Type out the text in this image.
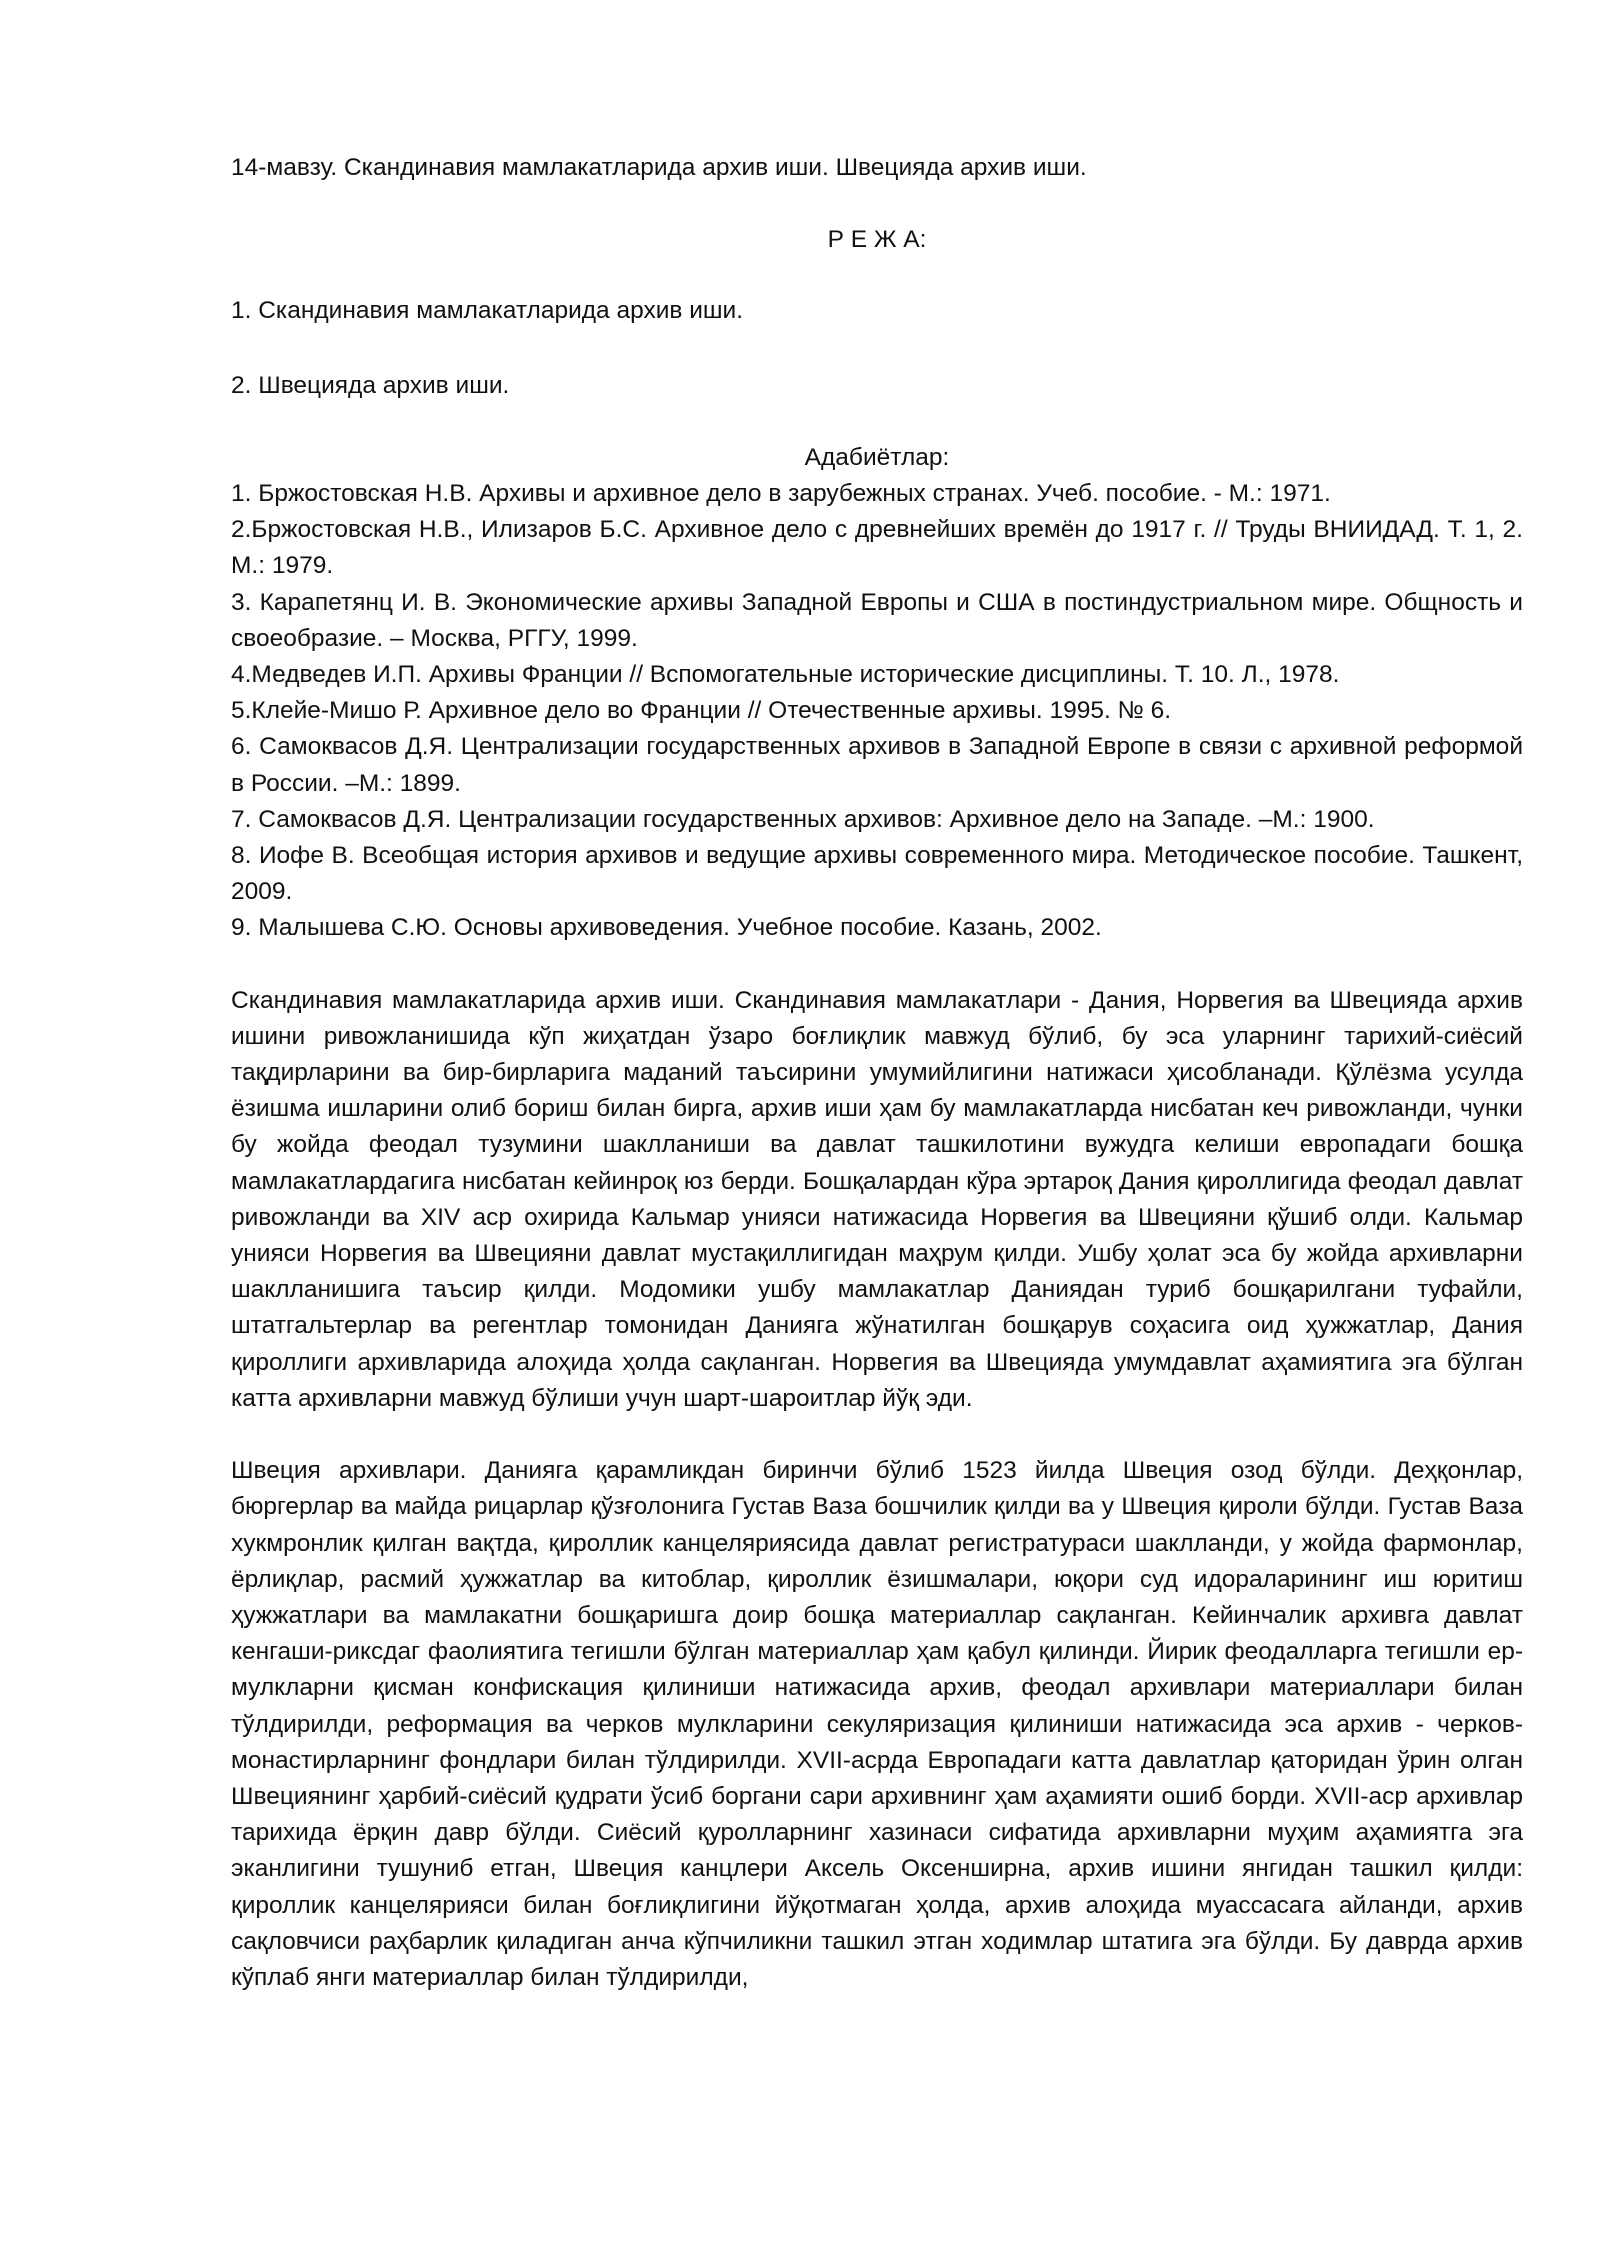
14-мавзу. Скандинавия мамлакатларида архив иши. Швецияда архив иши.

Р Е Ж А:

1. Скандинавия мамлакатларида архив иши.

2. Швецияда архив иши.

Адабиётлар:

1. Бржостовская Н.В. Архивы и архивное дело в зарубежных странах. Учеб. пособие. - М.: 1971.
2.Бржостовская Н.В., Илизаров Б.С. Архивное дело с древнейших времён до 1917 г. // Труды ВНИИДАД. Т. 1, 2. М.: 1979.
3. Карапетянц И. В. Экономические архивы Западной Европы и США в постиндустриальном мире. Общность и своеобразие. – Москва, РГГУ, 1999.
4.Медведев И.П. Архивы Франции // Вспомогательные исторические дисциплины. Т. 10. Л., 1978.
5.Клейе-Мишо Р. Архивное дело во Франции // Отечественные архивы. 1995. № 6.
6. Самоквасов Д.Я. Централизации государственных архивов в Западной Европе в связи с архивной реформой в России. –М.: 1899.
7. Самоквасов Д.Я. Централизации государственных архивов: Архивное дело на Западе. –М.: 1900.
8. Иофе В. Всеобщая история архивов и ведущие архивы современного мира. Методическое пособие. Ташкент, 2009.
9. Малышева С.Ю. Основы архивоведения. Учебное пособие. Казань, 2002.

Скандинавия мамлакатларида архив иши. Скандинавия мамлакатлари - Дания, Норвегия ва Швецияда архив ишини ривожланишида кўп жиҳатдан ўзаро боғлиқлик мавжуд бўлиб, бу эса уларнинг тарихий-сиёсий тақдирларини ва бир-бирларига маданий таъсирини умумийлигини натижаси ҳисобланади. Қўлёзма усулда ёзишма ишларини олиб бориш билан бирга, архив иши ҳам бу мамлакатларда нисбатан кеч ривожланди, чунки бу жойда феодал тузумини шаклланиши ва давлат ташкилотини вужудга келиши европадаги бошқа мамлакатлардагига нисбатан кейинроқ юз берди. Бошқалардан кўра эртароқ Дания қироллигида феодал давлат ривожланди ва XIV аср охирида Кальмар унияси натижасида Норвегия ва Швецияни қўшиб олди. Кальмар унияси Норвегия ва Швецияни давлат мустақиллигидан маҳрум қилди. Ушбу ҳолат эса бу жойда архивларни шаклланишига таъсир қилди. Модомики ушбу мамлакатлар Даниядан туриб бошқарилгани туфайли, штатгальтерлар ва регентлар томонидан Данияга жўнатилган бошқарув соҳасига оид ҳужжатлар, Дания қироллиги архивларида алоҳида ҳолда сақланган. Норвегия ва Швецияда умумдавлат аҳамиятига эга бўлган катта архивларни мавжуд бўлиши учун шарт-шароитлар йўқ эди.

Швеция архивлари. Данияга қарамликдан биринчи бўлиб 1523 йилда Швеция озод бўлди. Деҳқонлар, бюргерлар ва майда рицарлар қўзғолонига Густав Ваза бошчилик қилди ва у Швеция қироли бўлди. Густав Ваза хукмронлик қилган вақтда, қироллик канцеляриясида давлат регистратураси шаклланди, у жойда фармонлар, ёрлиқлар, расмий ҳужжатлар ва китоблар, қироллик ёзишмалари, юқори суд идораларининг иш юритиш ҳужжатлари ва мамлакатни бошқаришга доир бошқа материаллар сақланган. Кейинчалик архивга давлат кенгаши-риксдаг фаолиятига тегишли бўлган материаллар ҳам қабул қилинди. Йирик феодалларга тегишли ер-мулкларни қисман конфискация қилиниши натижасида архив, феодал архивлари материаллари билан тўлдирилди, реформация ва черков мулкларини секуляризация қилиниши натижасида эса архив - черков-монастирларнинг фондлари билан тўлдирилди. XVII-асрда Европадаги катта давлатлар қаторидан ўрин олган Швециянинг ҳарбий-сиёсий қудрати ўсиб боргани сари архивнинг ҳам аҳамияти ошиб борди. XVII-аср архивлар тарихида ёрқин давр бўлди. Сиёсий қуролларнинг хазинаси сифатида архивларни муҳим аҳамиятга эга эканлигини тушуниб етган, Швеция канцлери Аксель Оксенширна, архив ишини янгидан ташкил қилди: қироллик канцелярияси билан боғлиқлигини йўқотмаган ҳолда, архив алоҳида муассасага айланди, архив сақловчиси раҳбарлик қиладиган анча кўпчиликни ташкил этган ходимлар штатига эга бўлди. Бу даврда архив кўплаб янги материаллар билан тўлдирилди,
